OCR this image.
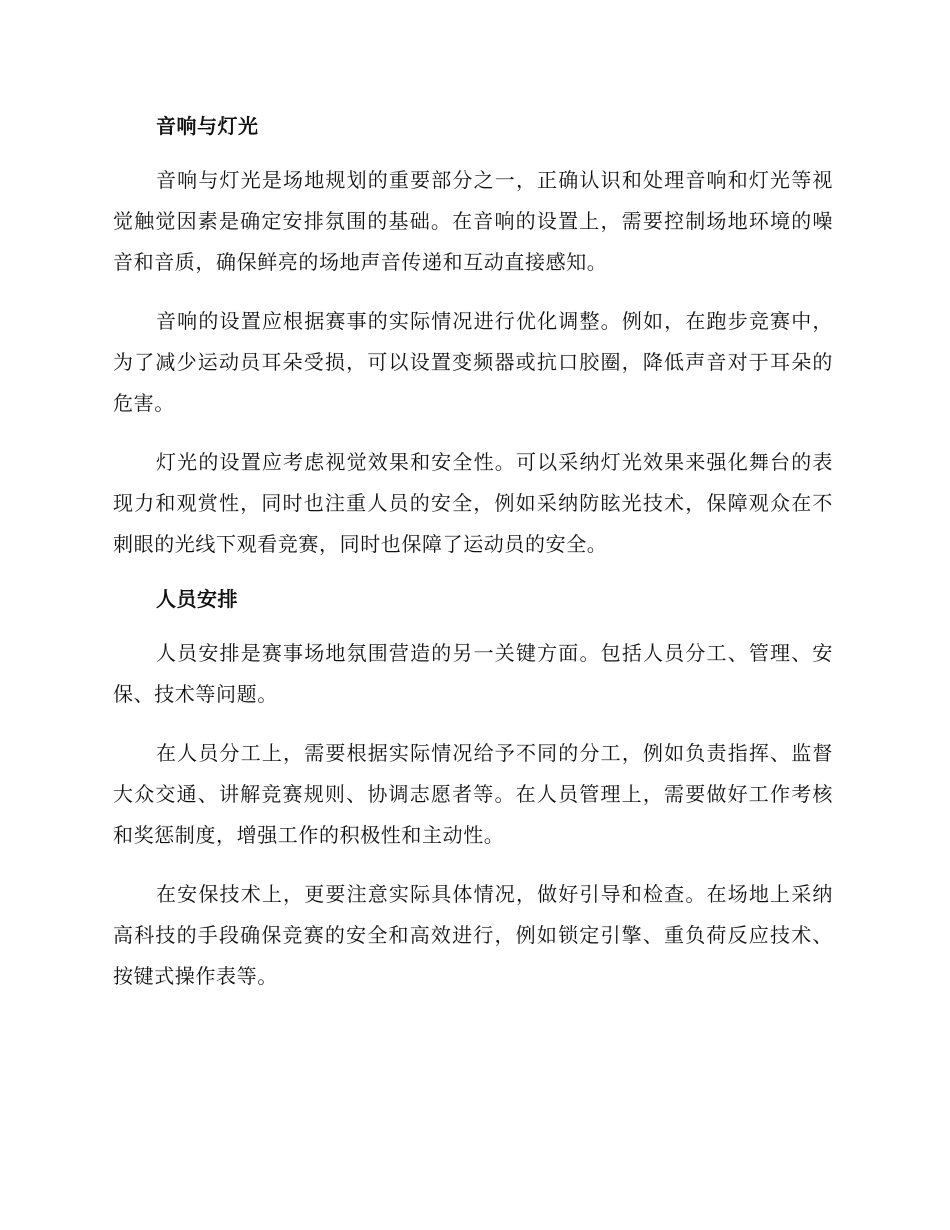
音响与灯光

音响与灯光是场地规划的重要部分之一，正确认识和处理音响和灯光等视觉触觉因素是确定安排氛围的基础。在音响的设置上，需要控制场地环境的噪音和音质，确保鲜亮的场地声音传递和互动直接感知。

音响的设置应根据赛事的实际情况进行优化调整。例如，在跑步竞赛中，为了减少运动员耳朵受损，可以设置变频器或抗口胶圈，降低声音对于耳朵的危害。

灯光的设置应考虑视觉效果和安全性。可以采纳灯光效果来强化舞台的表现力和观赏性，同时也注重人员的安全，例如采纳防眩光技术，保障观众在不刺眼的光线下观看竞赛，同时也保障了运动员的安全。

人员安排

人员安排是赛事场地氛围营造的另一关键方面。包括人员分工、管理、安保、技术等问题。

在人员分工上，需要根据实际情况给予不同的分工，例如负责指挥、监督大众交通、讲解竞赛规则、协调志愿者等。在人员管理上，需要做好工作考核和奖惩制度，增强工作的积极性和主动性。

在安保技术上，更要注意实际具体情况，做好引导和检查。在场地上采纳高科技的手段确保竞赛的安全和高效进行，例如锁定引擎、重负荷反应技术、按键式操作表等。
